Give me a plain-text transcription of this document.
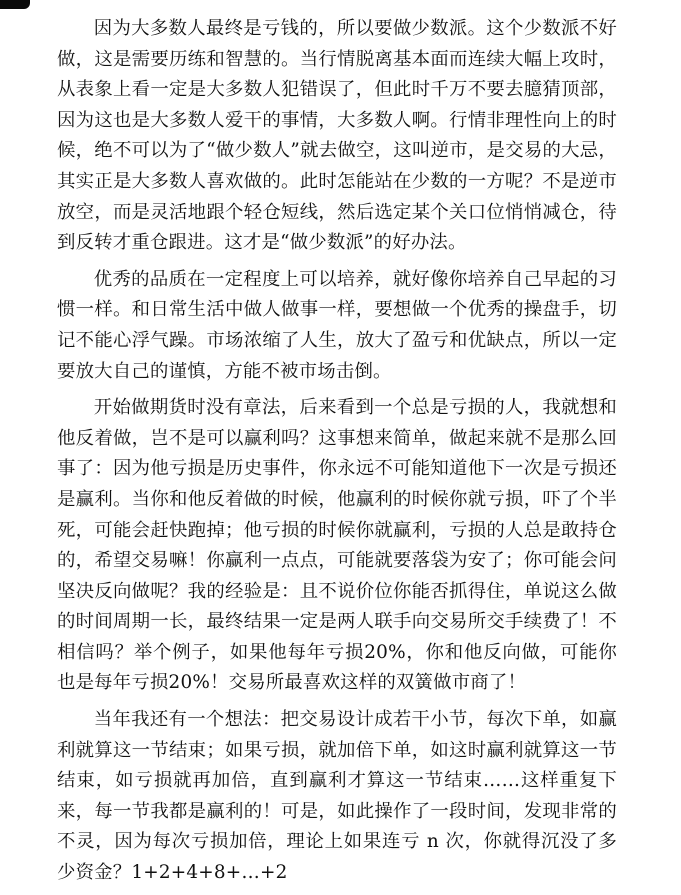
因为大多数人最终是亏钱的，所以要做少数派。这个少数派不好做，这是需要历练和智慧的。当行情脱离基本面而连续大幅上攻时，从表象上看一定是大多数人犯错误了，但此时千万不要去臆猜顶部，因为这也是大多数人爱干的事情，大多数人啊。行情非理性向上的时候，绝不可以为了“做少数人”就去做空，这叫逆市，是交易的大忌，其实正是大多数人喜欢做的。此时怎能站在少数的一方呢？不是逆市放空，而是灵活地跟个轻仓短线，然后选定某个关口位悄悄减仓，待到反转才重仓跟进。这才是“做少数派”的好办法。

优秀的品质在一定程度上可以培养，就好像你培养自己早起的习惯一样。和日常生活中做人做事一样，要想做一个优秀的操盘手，切记不能心浮气躁。市场浓缩了人生，放大了盈亏和优缺点，所以一定要放大自己的谨慎，方能不被市场击倒。

开始做期货时没有章法，后来看到一个总是亏损的人，我就想和他反着做，岂不是可以赢利吗？这事想来简单，做起来就不是那么回事了：因为他亏损是历史事件，你永远不可能知道他下一次是亏损还是赢利。当你和他反着做的时候，他赢利的时候你就亏损，吓了个半死，可能会赶快跑掉；他亏损的时候你就赢利，亏损的人总是敢持仓的，希望交易嘛！你赢利一点点，可能就要落袋为安了；你可能会问坚决反向做呢？我的经验是：且不说价位你能否抓得住，单说这么做的时间周期一长，最终结果一定是两人联手向交易所交手续费了！不相信吗？举个例子，如果他每年亏损20%，你和他反向做，可能你也是每年亏损20%！交易所最喜欢这样的双簧做市商了！

当年我还有一个想法：把交易设计成若干小节，每次下单，如赢利就算这一节结束；如果亏损，就加倍下单，如这时赢利就算这一节结束，如亏损就再加倍，直到赢利才算这一节结束……这样重复下来，每一节我都是赢利的！可是，如此操作了一段时间，发现非常的不灵，因为每次亏损加倍，理论上如果连亏 n 次，你就得沉没了多少资金？1+2+4+8+…+2
